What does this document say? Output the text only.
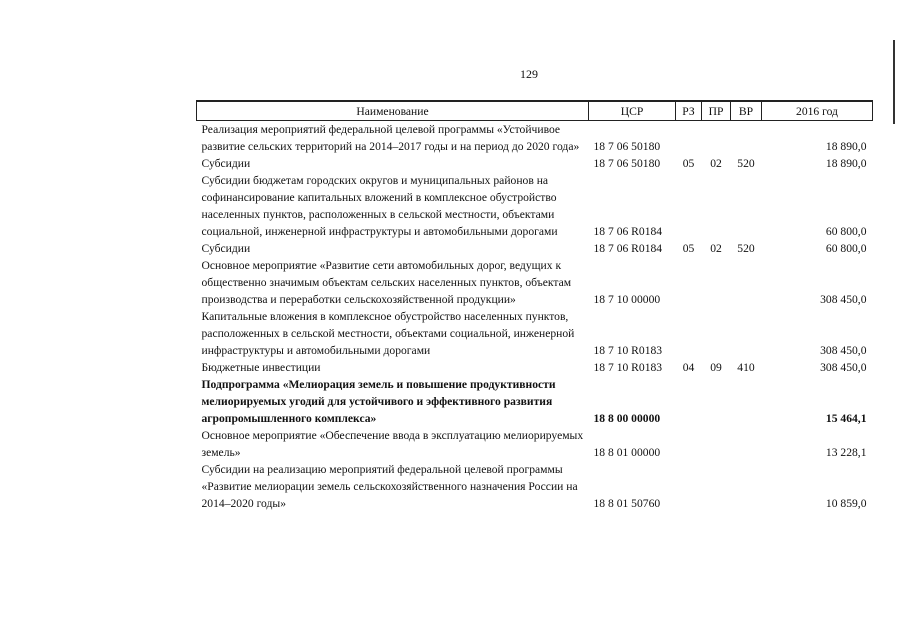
129
Наименование	ЦСР	РЗ	ПР	ВР	2016 год
Реализация мероприятий федеральной целевой программы «Устойчивое развитие сельских территорий на 2014–2017 годы и на период до 2020 года»	18 7 06 50180				18 890,0
Субсидии	18 7 06 50180	05	02	520	18 890,0
Субсидии бюджетам городских округов и муниципальных районов на софинансирование капитальных вложений в комплексное обустройство населенных пунктов, расположенных в сельской местности, объектами социальной, инженерной инфраструктуры и автомобильными дорогами	18 7 06 R0184				60 800,0
Субсидии	18 7 06 R0184	05	02	520	60 800,0
Основное мероприятие «Развитие сети автомобильных дорог, ведущих к общественно значимым объектам сельских населенных пунктов, объектам производства и переработки сельскохозяйственной продукции»	18 7 10 00000				308 450,0
Капитальные вложения в комплексное обустройство населенных пунктов, расположенных в сельской местности, объектами социальной, инженерной инфраструктуры и автомобильными дорогами	18 7 10 R0183				308 450,0
Бюджетные инвестиции	18 7 10 R0183	04	09	410	308 450,0
Подпрограмма «Мелиорация земель и повышение продуктивности мелиорируемых угодий для устойчивого и эффективного развития агропромышленного комплекса»	18 8 00 00000				15 464,1
Основное мероприятие «Обеспечение ввода в эксплуатацию мелиорируемых земель»	18 8 01 00000				13 228,1
Субсидии на реализацию мероприятий федеральной целевой программы «Развитие мелиорации земель сельскохозяйственного назначения России на 2014–2020 годы»	18 8 01 50760				10 859,0
